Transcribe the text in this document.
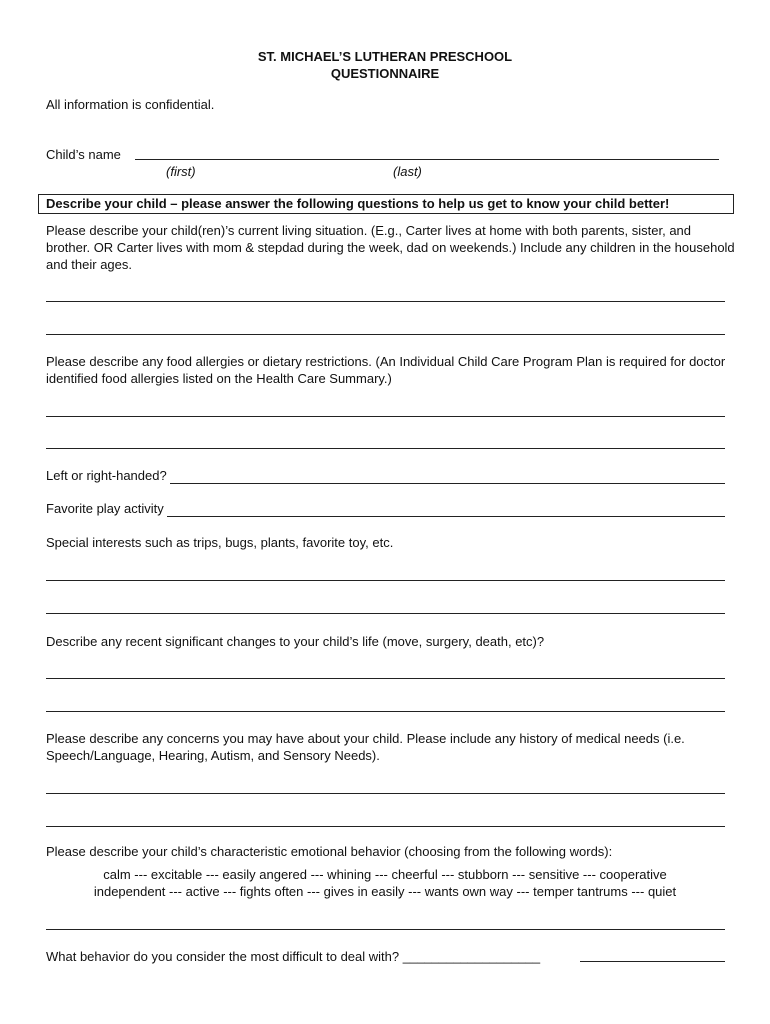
ST. MICHAEL’S LUTHERAN PRESCHOOL
QUESTIONNAIRE
All information is confidential.
Child’s name
(first)	(last)
Describe your child – please answer the following questions to help us get to know your child better!
Please describe your child(ren)’s current living situation. (E.g., Carter lives at home with both parents, sister, and brother. OR Carter lives with mom & stepdad during the week, dad on weekends.) Include any children in the household and their ages.
Please describe any food allergies or dietary restrictions. (An Individual Child Care Program Plan is required for doctor identified food allergies listed on the Health Care Summary.)
Left or right-handed?
Favorite play activity
Special interests such as trips, bugs, plants, favorite toy, etc.
Describe any recent significant changes to your child’s life (move, surgery, death, etc)?
Please describe any concerns you may have about your child. Please include any history of medical needs (i.e. Speech/Language, Hearing, Autism, and Sensory Needs).
Please describe your child’s characteristic emotional behavior (choosing from the following words):
calm --- excitable --- easily angered --- whining --- cheerful --- stubborn --- sensitive --- cooperative
independent --- active --- fights often --- gives in easily --- wants own way --- temper tantrums --- quiet
What behavior do you consider the most difficult to deal with? ___________________
